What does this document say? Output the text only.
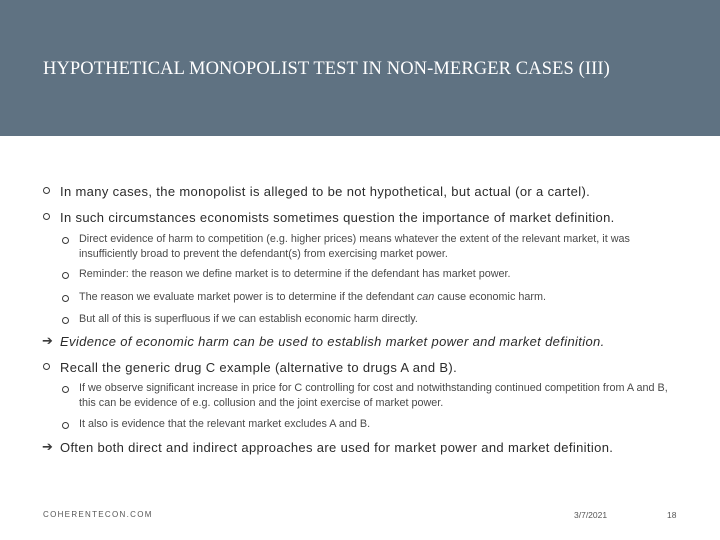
HYPOTHETICAL MONOPOLIST TEST IN NON-MERGER CASES (III)
In many cases, the monopolist is alleged to be not hypothetical, but actual (or a cartel).
In such circumstances economists sometimes question the importance of market definition.
Direct evidence of harm to competition (e.g. higher prices) means whatever the extent of the relevant market, it was insufficiently broad to prevent the defendant(s) from exercising market power.
Reminder: the reason we define market is to determine if the defendant has market power.
The reason we evaluate market power is to determine if the defendant can cause economic harm.
But all of this is superfluous if we can establish economic harm directly.
➔ Evidence of economic harm can be used to establish market power and market definition.
Recall the generic drug C example (alternative to drugs A and B).
If we observe significant increase in price for C controlling for cost and notwithstanding continued competition from A and B, this can be evidence of e.g. collusion and the joint exercise of market power.
It also is evidence that the relevant market excludes A and B.
➔ Often both direct and indirect approaches are used for market power and market definition.
COHERENTECON.COM	3/7/2021	18
